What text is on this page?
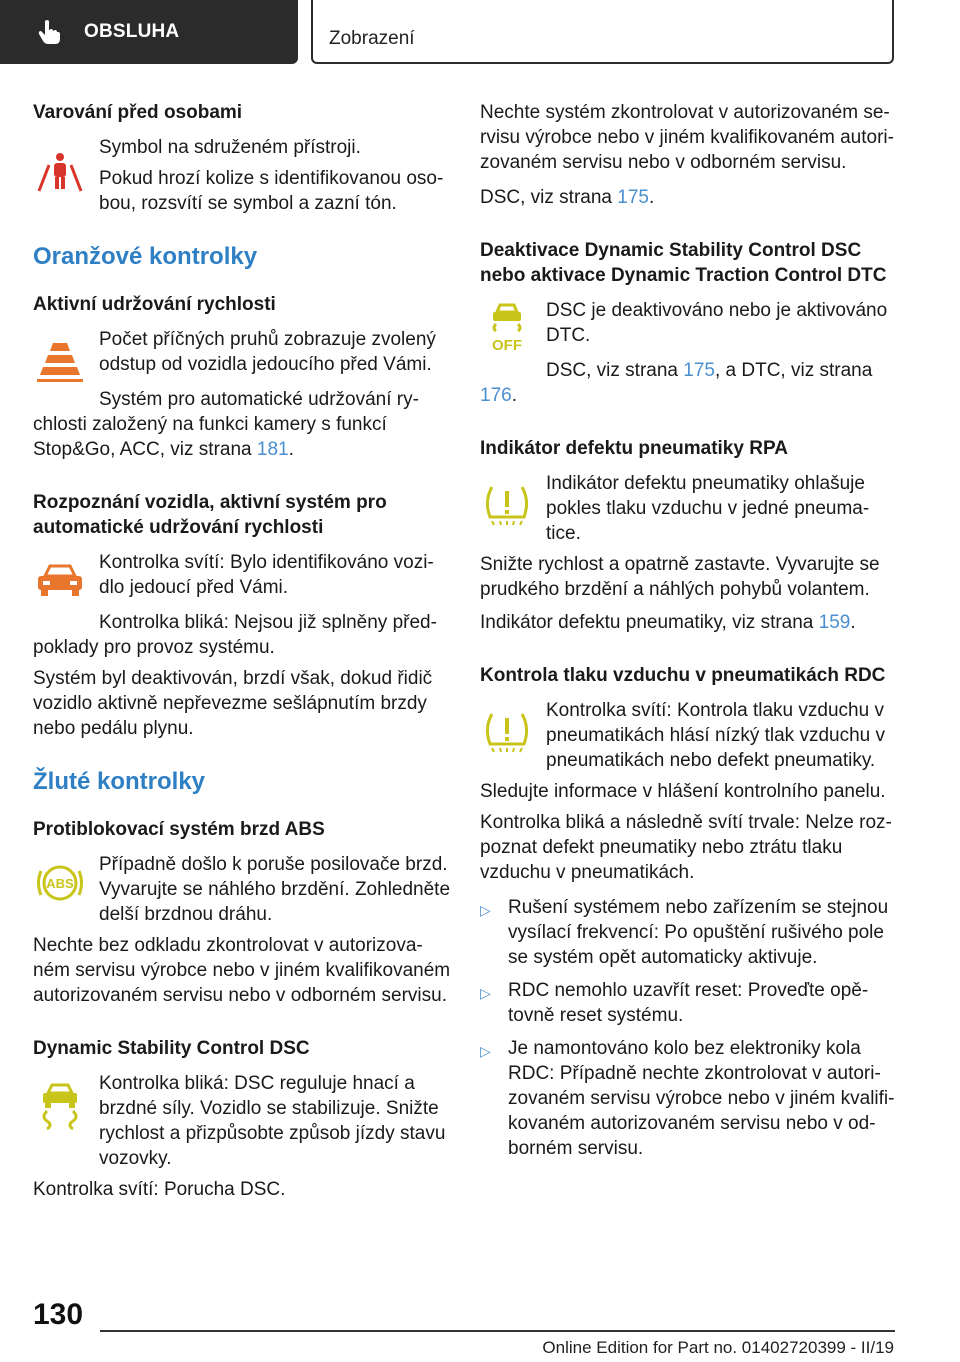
OBSLUHA	Zobrazení
Varování před osobami

Symbol na sdruženém přístroji.

Pokud hrozí kolize s identifikovanou oso‐bou, rozsvítí se symbol a zazní tón.

Oranžové kontrolky
Aktivní udržování rychlosti

Počet příčných pruhů zobrazuje zvolený odstup od vozidla jedoucího před Vámi.

Systém pro automatické udržování ry‐chlosti založený na funkci kamery s funkcí Stop&Go, ACC, viz strana 181.

Rozpoznání vozidla, aktivní systém pro automatické udržování rychlosti

Kontrolka svítí: Bylo identifikováno vozi‐dlo jedoucí před Vámi.

Kontrolka bliká: Nejsou již splněny před‐poklady pro provoz systému.

Systém byl deaktivován, brzdí však, dokud řidič vozidlo aktivně nepřevezme sešlápnutím brzdy nebo pedálu plynu.

Žluté kontrolky
Protiblokovací systém brzd ABS
ABS

Případně došlo k poruše posilovače brzd. Vyvarujte se náhlého brzdění. Zohledněte delší brzdnou dráhu.

Nechte bez odkladu zkontrolovat v autorizova‐ném servisu výrobce nebo v jiném kvalifikovaném autorizovaném servisu nebo v odborném servisu.

Dynamic Stability Control DSC

Kontrolka bliká: DSC reguluje hnací a brzdné síly. Vozidlo se stabilizuje. Snižte rychlost a přizpůsobte způsob jízdy stavu vozovky.

Kontrolka svítí: Porucha DSC.

Nechte systém zkontrolovat v autorizovaném se‐rvisu výrobce nebo v jiném kvalifikovaném autori‐zovaném servisu nebo v odborném servisu.

DSC, viz strana 175.

Deaktivace Dynamic Stability Control DSC nebo aktivace Dynamic Traction Control DTC
OFF

DSC je deaktivováno nebo je aktivováno DTC.

DSC, viz strana 175, a DTC, viz strana 176.

Indikátor defektu pneumatiky RPA

Indikátor defektu pneumatiky ohlašuje pokles tlaku vzduchu v jedné pneuma‐tice.

Snižte rychlost a opatrně zastavte. Vyvarujte se prudkého brzdění a náhlých pohybů volantem.

Indikátor defektu pneumatiky, viz strana 159.

Kontrola tlaku vzduchu v pneumatikách RDC

Kontrolka svítí: Kontrola tlaku vzduchu v pneumatikách hlásí nízký tlak vzduchu v pneumatikách nebo defekt pneumatiky.

Sledujte informace v hlášení kontrolního panelu.

Kontrolka bliká a následně svítí trvale: Nelze roz‐poznat defekt pneumatiky nebo ztrátu tlaku vzduchu v pneumatikách.

▷ Rušení systémem nebo zařízením se stejnou vysílací frekvencí: Po opuštění rušivého pole se systém opět automaticky aktivuje.
▷ RDC nemohlo uzavřít reset: Proveďte opě‐tovně reset systému.
▷ Je namontováno kolo bez elektroniky kola RDC: Případně nechte zkontrolovat v autori‐zovaném servisu výrobce nebo v jiném kvalifi‐kovaném autorizovaném servisu nebo v od‐borném servisu.
130
Online Edition for Part no. 01402720399 - II/19
